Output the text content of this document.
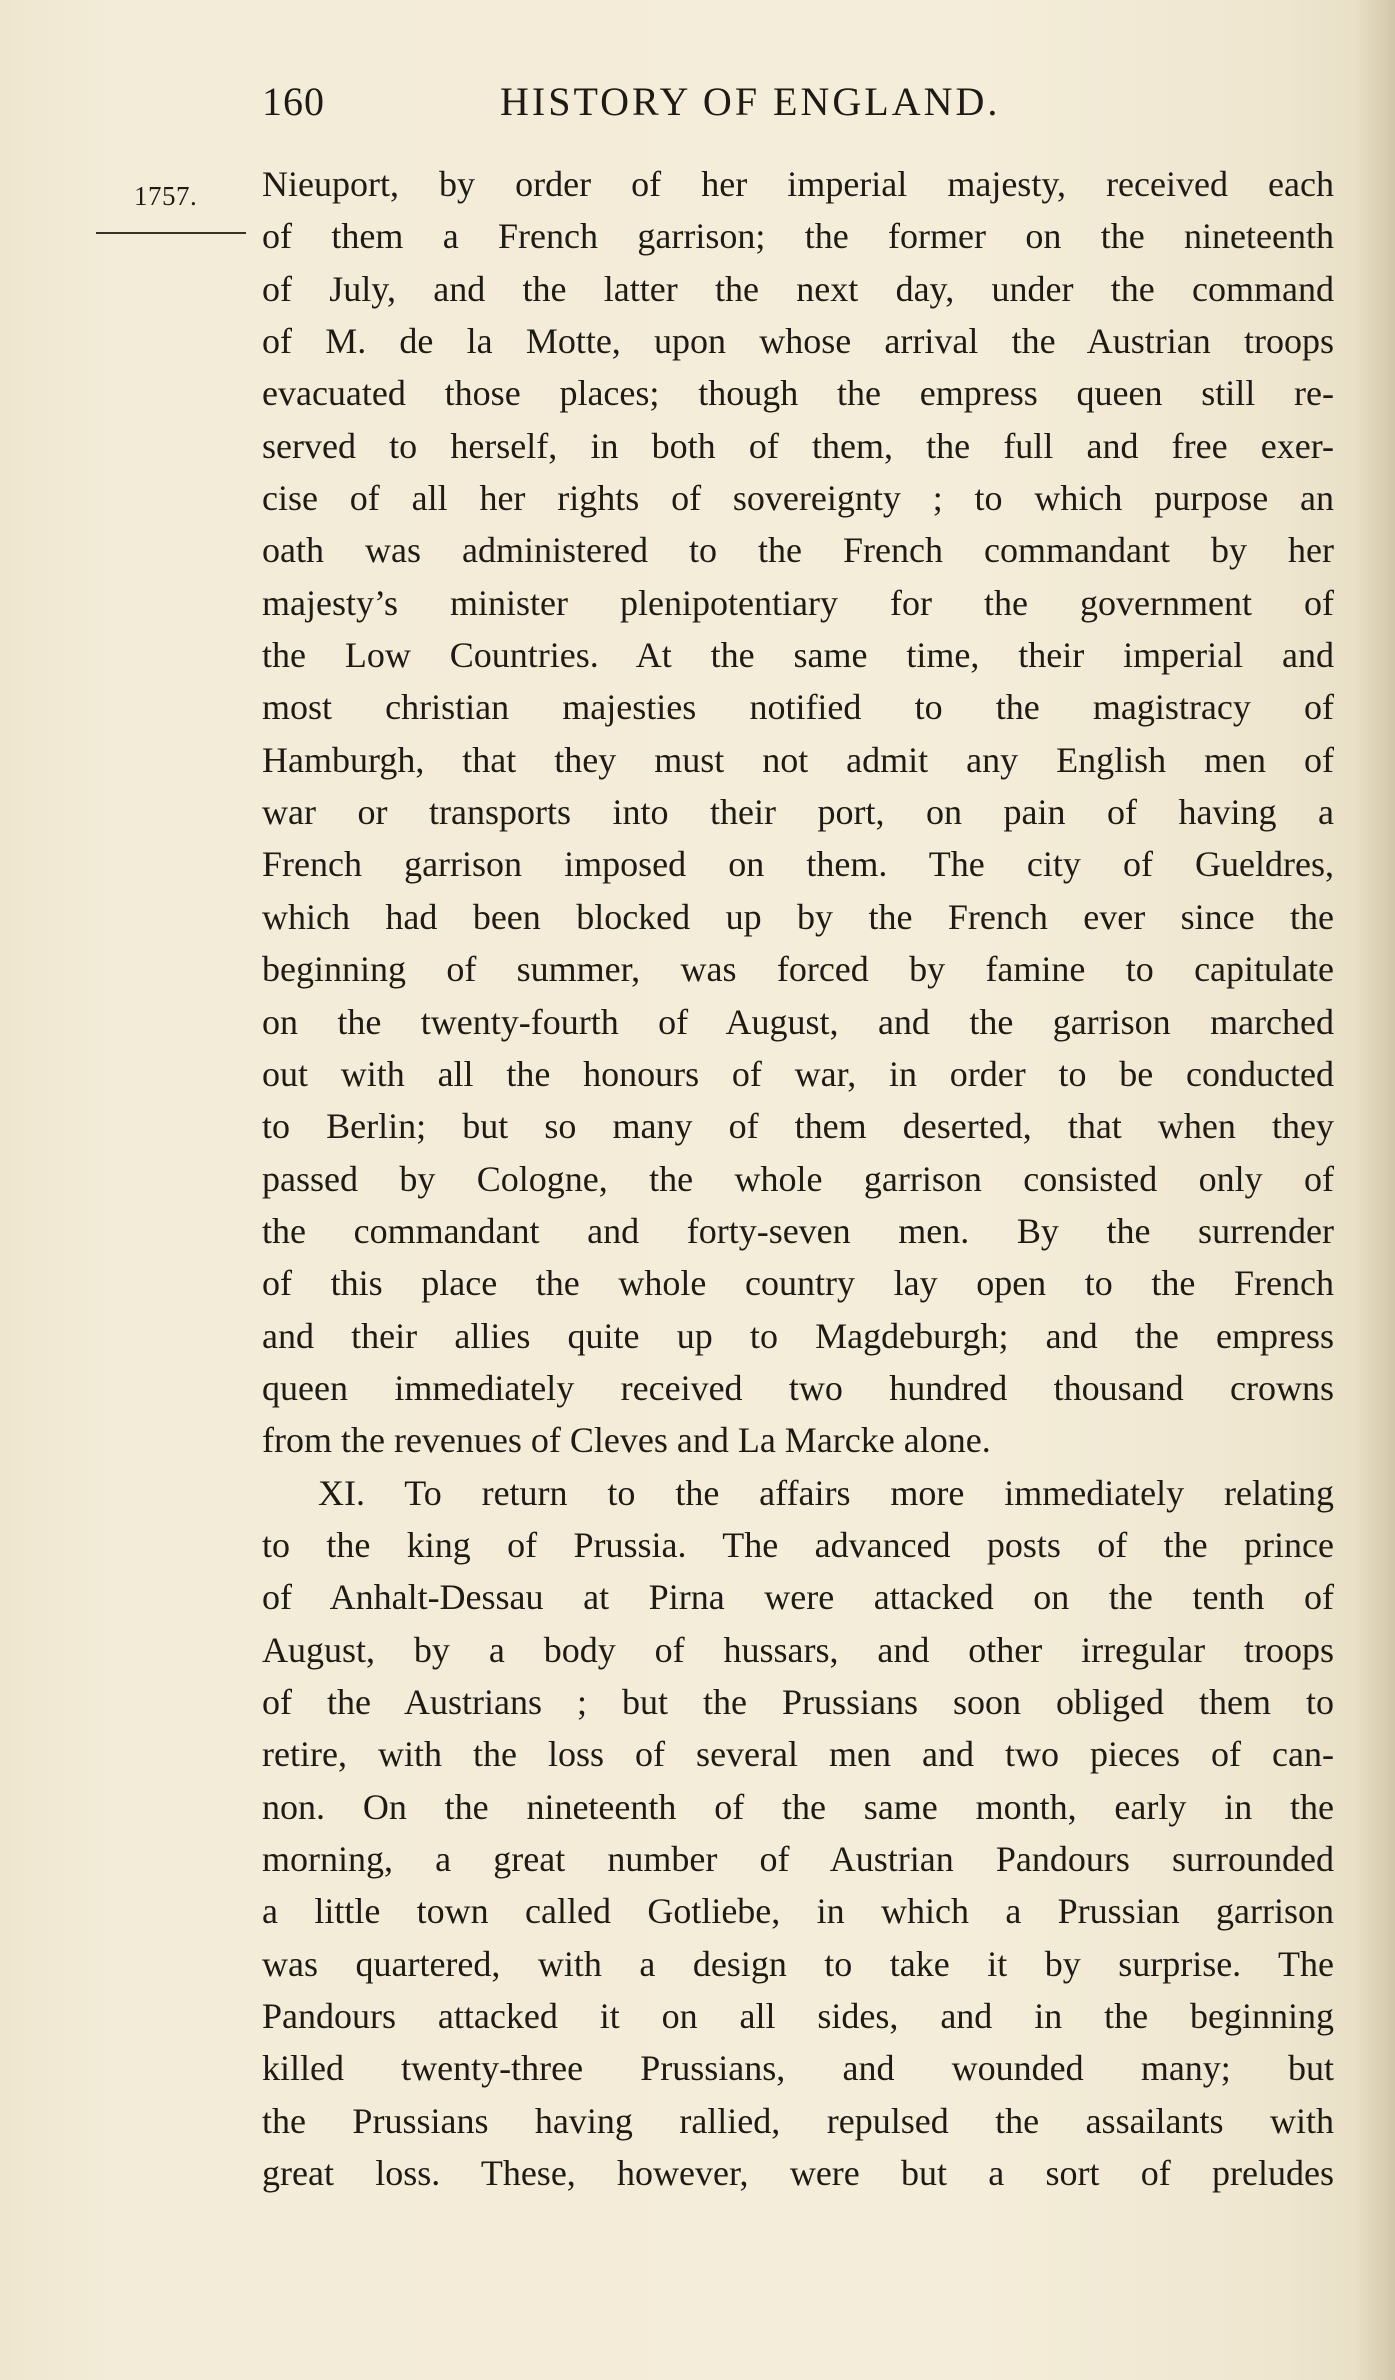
160	HISTORY OF ENGLAND.
1757. Nieuport, by order of her imperial majesty, received each
of them a French garrison; the former on the nineteenth
of July, and the latter the next day, under the command
of M. de la Motte, upon whose arrival the Austrian troops
evacuated those places; though the empress queen still re-
served to herself, in both of them, the full and free exer-
cise of all her rights of sovereignty ; to which purpose an
oath was administered to the French commandant by her
majesty’s minister plenipotentiary for the government of
the Low Countries. At the same time, their imperial and
most christian majesties notified to the magistracy of
Hamburgh, that they must not admit any English men of
war or transports into their port, on pain of having a
French garrison imposed on them. The city of Gueldres,
which had been blocked up by the French ever since the
beginning of summer, was forced by famine to capitulate
on the twenty-fourth of August, and the garrison marched
out with all the honours of war, in order to be conducted
to Berlin; but so many of them deserted, that when they
passed by Cologne, the whole garrison consisted only of
the commandant and forty-seven men. By the surrender
of this place the whole country lay open to the French
and their allies quite up to Magdeburgh; and the empress
queen immediately received two hundred thousand crowns
from the revenues of Cleves and La Marcke alone.
XI. To return to the affairs more immediately relating
to the king of Prussia. The advanced posts of the prince
of Anhalt-Dessau at Pirna were attacked on the tenth of
August, by a body of hussars, and other irregular troops
of the Austrians ; but the Prussians soon obliged them to
retire, with the loss of several men and two pieces of can-
non. On the nineteenth of the same month, early in the
morning, a great number of Austrian Pandours surrounded
a little town called Gotliebe, in which a Prussian garrison
was quartered, with a design to take it by surprise. The
Pandours attacked it on all sides, and in the beginning
killed twenty-three Prussians, and wounded many; but
the Prussians having rallied, repulsed the assailants with
great loss. These, however, were but a sort of preludes
